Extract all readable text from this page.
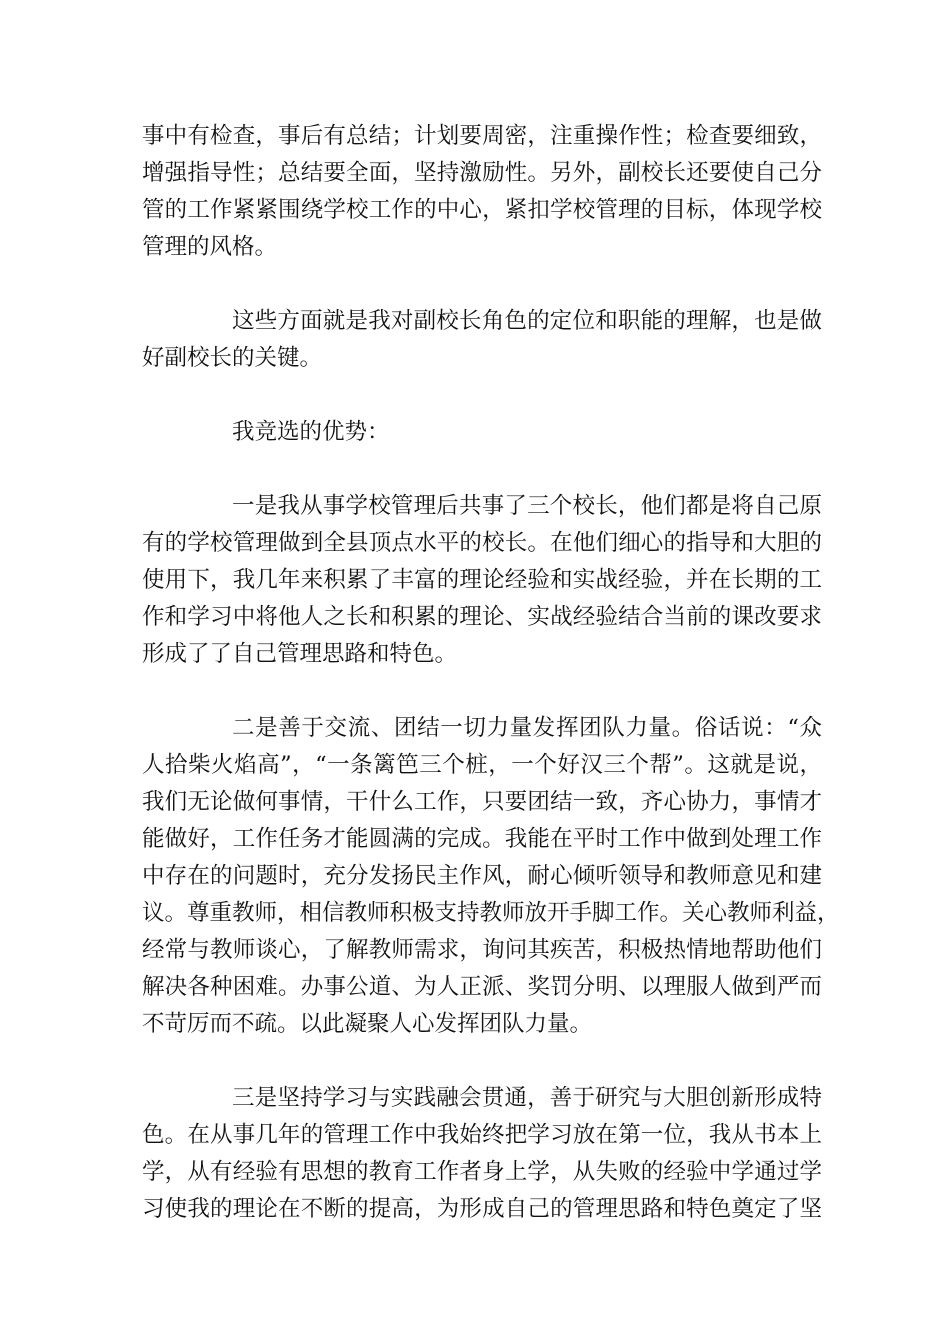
事中有检查，事后有总结；计划要周密，注重操作性；检查要细致，
增强指导性；总结要全面，坚持激励性。另外，副校长还要使自己分
管的工作紧紧围绕学校工作的中心，紧扣学校管理的目标，体现学校
管理的风格。
这些方面就是我对副校长角色的定位和职能的理解，也是做
好副校长的关键。
我竞选的优势：
一是我从事学校管理后共事了三个校长，他们都是将自己原
有的学校管理做到全县顶点水平的校长。在他们细心的指导和大胆的
使用下，我几年来积累了丰富的理论经验和实战经验，并在长期的工
作和学习中将他人之长和积累的理论、实战经验结合当前的课改要求
形成了了自己管理思路和特色。
二是善于交流、团结一切力量发挥团队力量。俗话说：“众
人拾柴火焰高”，“一条篱笆三个桩，一个好汉三个帮”。这就是说，
我们无论做何事情，干什么工作，只要团结一致，齐心协力，事情才
能做好，工作任务才能圆满的完成。我能在平时工作中做到处理工作
中存在的问题时，充分发扬民主作风，耐心倾听领导和教师意见和建
议。尊重教师，相信教师积极支持教师放开手脚工作。关心教师利益，
经常与教师谈心，了解教师需求，询问其疾苦，积极热情地帮助他们
解决各种困难。办事公道、为人正派、奖罚分明、以理服人做到严而
不苛厉而不疏。以此凝聚人心发挥团队力量。
三是坚持学习与实践融会贯通，善于研究与大胆创新形成特
色。在从事几年的管理工作中我始终把学习放在第一位，我从书本上
学，从有经验有思想的教育工作者身上学，从失败的经验中学通过学
习使我的理论在不断的提高，为形成自己的管理思路和特色奠定了坚
